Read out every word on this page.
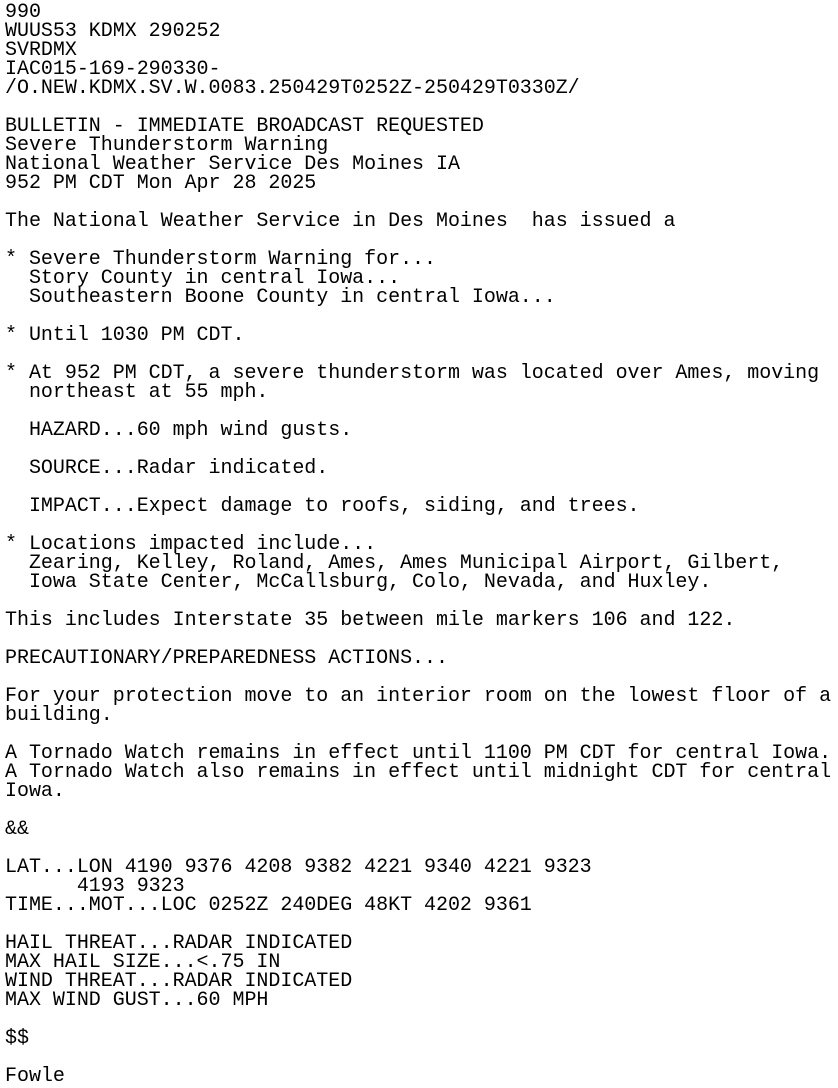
990
WUUS53 KDMX 290252
SVRDMX
IAC015-169-290330-
/O.NEW.KDMX.SV.W.0083.250429T0252Z-250429T0330Z/
BULLETIN - IMMEDIATE BROADCAST REQUESTED
Severe Thunderstorm Warning
National Weather Service Des Moines IA
952 PM CDT Mon Apr 28 2025
The National Weather Service in Des Moines  has issued a
* Severe Thunderstorm Warning for...
Story County in central Iowa...
Southeastern Boone County in central Iowa...
* Until 1030 PM CDT.
* At 952 PM CDT, a severe thunderstorm was located over Ames, moving
northeast at 55 mph.
HAZARD...60 mph wind gusts.
SOURCE...Radar indicated.
IMPACT...Expect damage to roofs, siding, and trees.
* Locations impacted include...
Zearing, Kelley, Roland, Ames, Ames Municipal Airport, Gilbert,
Iowa State Center, McCallsburg, Colo, Nevada, and Huxley.
This includes Interstate 35 between mile markers 106 and 122.
PRECAUTIONARY/PREPAREDNESS ACTIONS...
For your protection move to an interior room on the lowest floor of a
building.
A Tornado Watch remains in effect until 1100 PM CDT for central Iowa.
A Tornado Watch also remains in effect until midnight CDT for central
Iowa.
&&
LAT...LON 4190 9376 4208 9382 4221 9340 4221 9323
4193 9323
TIME...MOT...LOC 0252Z 240DEG 48KT 4202 9361
HAIL THREAT...RADAR INDICATED
MAX HAIL SIZE...<.75 IN
WIND THREAT...RADAR INDICATED
MAX WIND GUST...60 MPH
$$
Fowle
